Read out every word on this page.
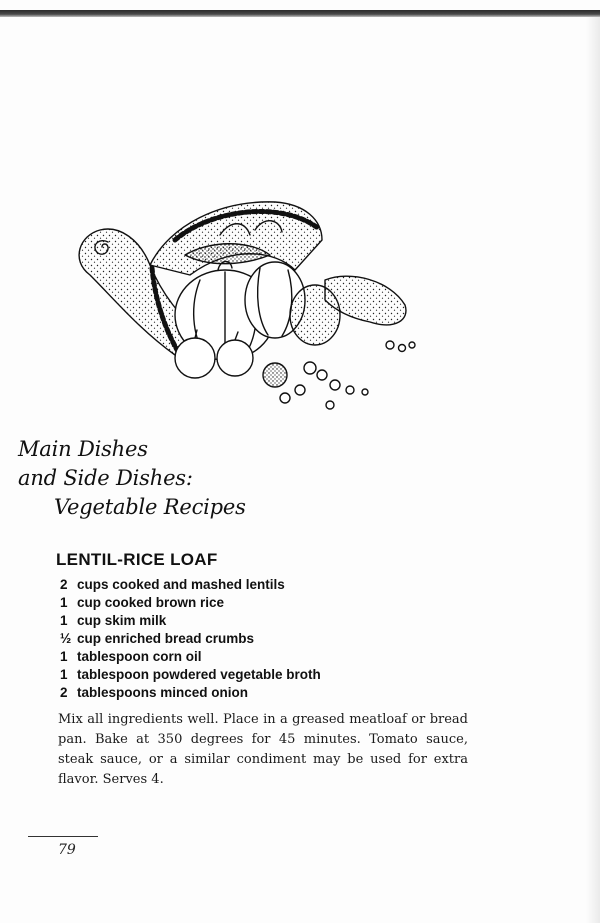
Main Dishes
and Side Dishes:
Vegetable Recipes
LENTIL-RICE LOAF
2 cups cooked and mashed lentils
1 cup cooked brown rice
1 cup skim milk
½ cup enriched bread crumbs
1 tablespoon corn oil
1 tablespoon powdered vegetable broth
2 tablespoons minced onion
Mix all ingredients well. Place in a greased meatloaf or bread pan. Bake at 350 degrees for 45 minutes. Tomato sauce, steak sauce, or a similar condiment may be used for extra flavor. Serves 4.
79
